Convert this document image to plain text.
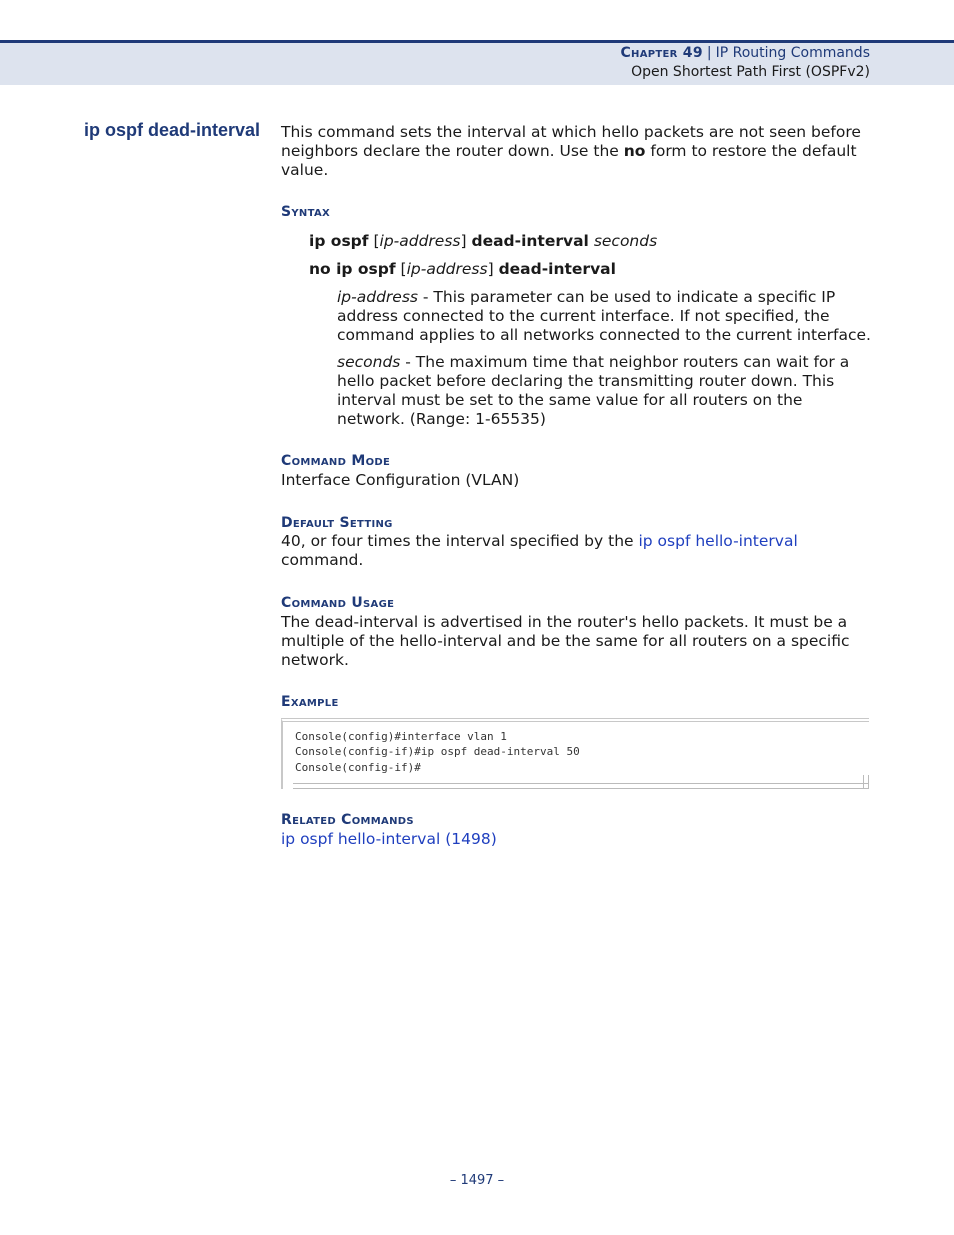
Chapter 49 | IP Routing Commands
Open Shortest Path First (OSPFv2)
ip ospf dead-interval This command sets the interval at which hello packets are not seen before neighbors declare the router down. Use the no form to restore the default value.
Syntax
ip ospf [ip-address] dead-interval seconds
no ip ospf [ip-address] dead-interval
ip-address - This parameter can be used to indicate a specific IP address connected to the current interface. If not specified, the command applies to all networks connected to the current interface.
seconds - The maximum time that neighbor routers can wait for a hello packet before declaring the transmitting router down. This interval must be set to the same value for all routers on the network. (Range: 1-65535)
Command Mode
Interface Configuration (VLAN)
Default Setting
40, or four times the interval specified by the ip ospf hello-interval command.
Command Usage
The dead-interval is advertised in the router's hello packets. It must be a multiple of the hello-interval and be the same for all routers on a specific network.
Example
Console(config)#interface vlan 1
Console(config-if)#ip ospf dead-interval 50
Console(config-if)#
Related Commands
ip ospf hello-interval (1498)
– 1497 –
